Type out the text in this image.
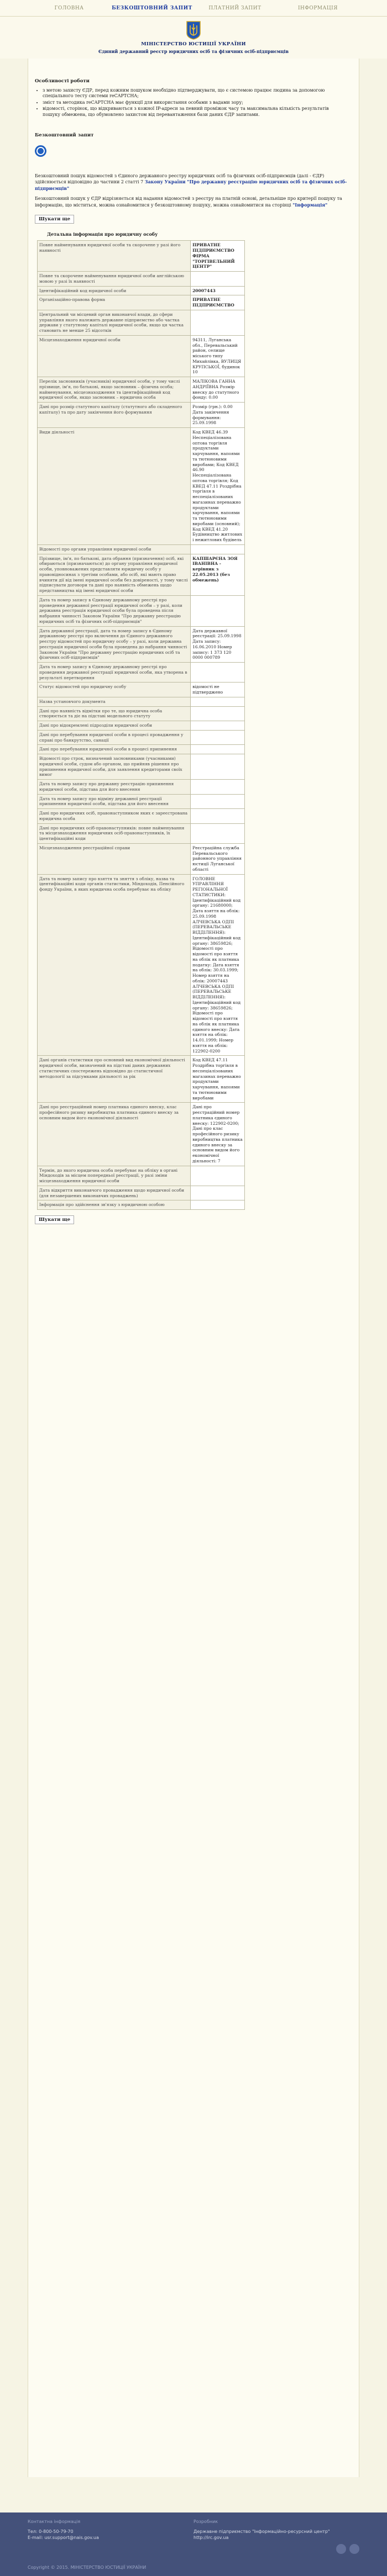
ГОЛОВНА	БЕЗКОШТОВНИЙ ЗАПИТ	ПЛАТНИЙ ЗАПИТ	ІНФОРМАЦІЯ
МІНІСТЕРСТВО ЮСТИЦІЇ УКРАЇНИ
Єдиний державний реєстр юридичних осіб та фізичних осіб-підприємців
Особливості роботи
• з метою захисту ЄДР, перед кожним пошуком необхідно підтверджувати, що є системою працює людина за допомогою спеціального тесту системи reCAPTCHA;
• зміст та методика reCAPTCHA має функції для використання особами з вадами зору;
• відомості, сторінок, що відкриваються з кожної IP-адреси за певний проміжок часу та максимальна кількість результатів пошуку обмежена, що обумовлено захистом від перевантаження бази даних ЄДР запитами.
Безкоштовний запит

Безкоштовний пошук відомостей з Єдиного державного реєстру юридичних осіб та фізичних осіб-підприємців (далі - ЄДР) здійснюється відповідно до частини 2 статті 7 Закону України "Про державну реєстрацію юридичних осіб та фізичних осіб-підприємців"

Безкоштовний пошук у ЄДР відрізняється від надання відомостей з реєстру на платній основі, детальніше про критерії пошуку та інформацію, що міститься, можна ознайомитися у безкоштовному пошуку, можна ознайомитися на сторінці "Інформація"

Шукати ще
Детальна інформація про юридичну особу
Повне найменування юридичної особи та скорочене у разі його наявності	ПРИВАТНЕ ПІДПРИЄМСТВО ФІРМА "ТОРГІВЕЛЬНИЙ ЦЕНТР"
Повне та скорочене найменування юридичної особи англійською мовою у разі їх наявності	
Ідентифікаційний код юридичної особи	20007443
Організаційно-правова форма	ПРИВАТНЕ ПІДПРИЄМСТВО
Центральний чи місцевий орган виконавчої влади, до сфери управління якого належить державне підприємство або частка держави у статутному капіталі юридичної особи, якщо ця частка становить не менше 25 відсотків	
Місцезнаходження юридичної особи	94311, Луганська обл., Перевальський район, селище міського типу Михайлівка, ВУЛИЦЯ КРУПСЬКОЇ, будинок 10
Перелік засновників (учасників) юридичної особи, у тому числі прізвище, ім'я, по батькові, якщо засновник – фізична особа; найменування, місцезнаходження та ідентифікаційний код юридичної особи, якщо засновник – юридична особа	МАЛІКОВА ГАННА АНДРІЇВНА Розмір внеску до статутного фонду: 0.00
Дані про розмір статутного капіталу (статутного або складеного капіталу) та про дату закінчення його формування	Розмір (грн.): 0.00 Дата закінчення формування: 25.09.1998
Види діяльності	Код КВЕД 46.39 Неспеціалізована оптова торгівля продуктами харчування, напоями та тютюновими виробами; Код КВЕД 46.90 Неспеціалізована оптова торгівля; Код КВЕД 47.11 Роздрібна торгівля в неспеціалізованих магазинах переважно продуктами харчування, напоями та тютюновими виробами (основний); Код КВЕД 41.20 Будівництво житлових і нежитлових будівель
Відомості про органи управління юридичної особи	
Прізвище, ім'я, по батькові, дата обрання (призначення) осіб, які обираються (призначаються) до органу управління юридичної особи, уповноважених представляти юридичну особу у правовідносинах з третіми особами, або осіб, які мають право вчиняти дії від імені юридичної особи без довіреності, у тому числі підписувати договори та дані про наявність обмежень щодо представництва від імені юридичної особи	КАПШАРЄНА ЗОЯ ІВАНІВНА - керівник з 22.05.2013 (без обмежень)
Дата та номер запису в Єдиному державному реєстрі про проведення державної реєстрації юридичної особи – у разі, коли державна реєстрація юридичної особи була проведена після набрання чинності Законом України "Про державну реєстрацію юридичних осіб та фізичних осіб-підприємців"	
Дата державної реєстрації, дата та номер запису в Єдиному державному реєстрі про включення до Єдиного державного реєстру відомостей про юридичну особу – у разі, коли державна реєстрація юридичної особи була проведена до набрання чинності Законом України "Про державну реєстрацію юридичних осіб та фізичних осіб-підприємців"	Дата державної реєстрації: 25.09.1998 Дата запису: 16.06.2010 Номер запису: 1 373 120 0000 000789
Дата та номер запису в Єдиному державному реєстрі про проведення державної реєстрації юридичної особи, яка утворена в результаті перетворення	
Статус відомостей про юридичну особу	відомості не підтверджено
Назва установчого документа	
Дані про наявність відмітки про те, що юридична особа створюється та діє на підставі модельного статуту	
Дані про відокремлені підрозділи юридичної особи	
Дані про перебування юридичної особи в процесі провадження у справі про банкрутство, санації	
Дані про перебування юридичної особи в процесі припинення	
Відомості про строк, визначений засновниками (учасниками) юридичної особи, судом або органом, що прийняв рішення про припинення юридичної особи, для заявлення кредиторами своїх вимог	
Дата та номер запису про державну реєстрацію припинення юридичної особи, підстава для його внесення	
Дата та номер запису про відміну державної реєстрації припинення юридичної особи, підстава для його внесення	
Дані про юридичних осіб, правонаступником яких є зареєстрована юридична особа	
Дані про юридичних осіб-правонаступників: повне найменування та місцезнаходження юридичних осіб-правонаступників, їх ідентифікаційні коди	
Місцезнаходження реєстраційної справи	Реєстраційна служба Перевальського районного управління юстиції Луганської області
Дата та номер запису про взяття та зняття з обліку, назва та ідентифікаційні коди органів статистики, Міндоходів, Пенсійного фонду України, в яких юридична особа перебуває на обліку	ГОЛОВНЕ УПРАВЛІННЯ РЕГІОНАЛЬНОЇ СТАТИСТИКИ: Ідентифікаційний код органу: 21680000; Дата взяття на облік: 25.09.1998 АЛЧЕВСЬКА ОДПІ (ПЕРЕВАЛЬСЬКЕ ВІДДІЛЕННЯ): Ідентифікаційний код органу: 38659826; Відомості про відомості про взяття на облік як платника податку: Дата взяття на облік: 30.03.1999; Номер взяття на облік: 20007443 АЛЧЕВСЬКА ОДПІ (ПЕРЕВАЛЬСЬКЕ ВІДДІЛЕННЯ): Ідентифікаційний код органу: 38659826; Відомості про відомості про взяття на облік як платника єдиного внеску: Дата взяття на облік: 14.01.1999; Номер взяття на облік: 122902-0200
Дані органів статистики про основний вид економічної діяльності юридичної особи, визначений на підставі даних державних статистичних спостережень відповідно до статистичної методології за підсумками діяльності за рік	Код КВЕД 47.11 Роздрібна торгівля в неспеціалізованих магазинах переважно продуктами харчування, напоями та тютюновими виробами
Дані про реєстраційний номер платника єдиного внеску, клас професійного ризику виробництва платника єдиного внеску за основним видом його економічної діяльності	Дані про реєстраційний номер платника єдиного внеску: 122902-0200; Дані про клас професійного ризику виробництва платника єдиного внеску за основним видом його економічної діяльності: 7
Термін, до якого юридична особа перебуває на обліку в органі Міндоходів за місцем попередньої реєстрації, у разі зміни місцезнаходження юридичної особи	
Дата відкриття виконавчого провадження щодо юридичної особи (для незавершених виконавчих проваджень)	
Інформація про здійснення зв'язку з юридичною особою	
Шукати ще
Контактна інформація
Тел: 0-800-50-79-70
E-mail: usr.support@nais.gov.ua
Розробник
Державне підприємство "Інформаційно-ресурсний центр"
http://irc.gov.ua
Copyright © 2015. МІНІСТЕРСТВО ЮСТИЦІЇ УКРАЇНИ
